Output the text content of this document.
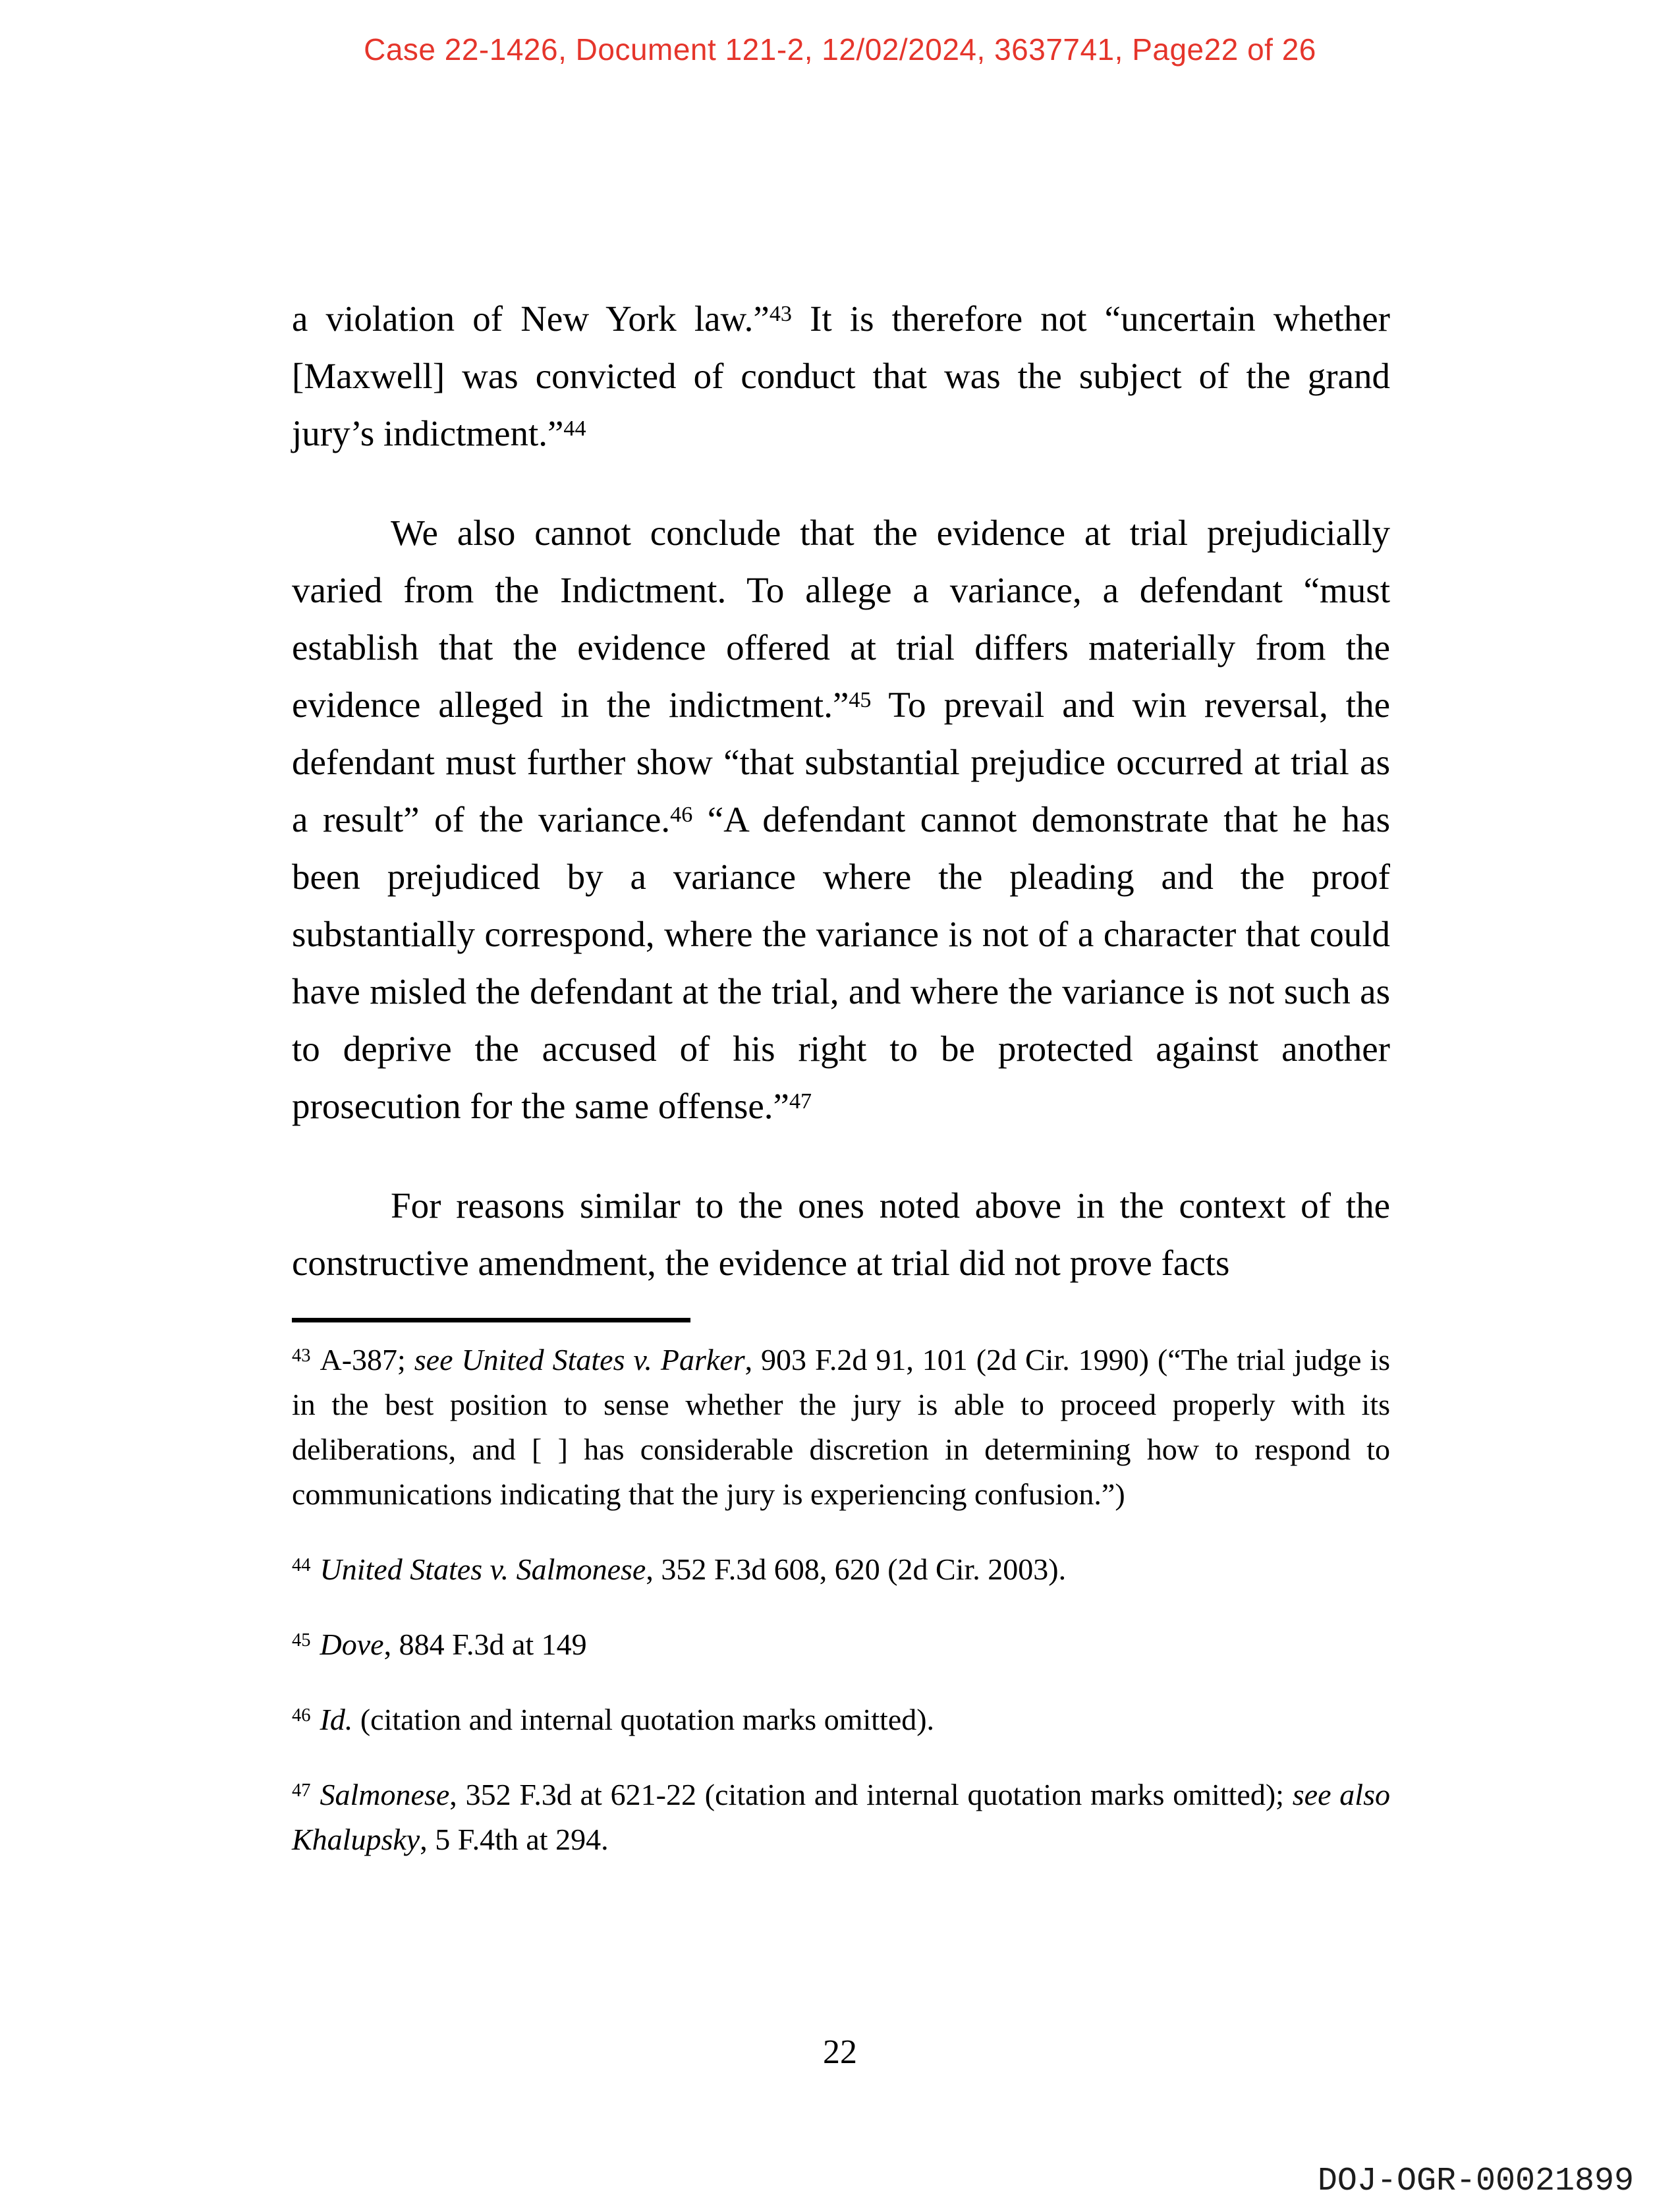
Case 22-1426, Document 121-2, 12/02/2024, 3637741, Page22 of 26

a violation of New York law.”$^{43}$ It is therefore not “uncertain whether [Maxwell] was convicted of conduct that was the subject of the grand jury’s indictment.”$^{44}$

We also cannot conclude that the evidence at trial prejudicially varied from the Indictment. To allege a variance, a defendant “must establish that the evidence offered at trial differs materially from the evidence alleged in the indictment.”$^{45}$ To prevail and win reversal, the defendant must further show “that substantial prejudice occurred at trial as a result” of the variance.$^{46}$ “A defendant cannot demonstrate that he has been prejudiced by a variance where the pleading and the proof substantially correspond, where the variance is not of a character that could have misled the defendant at the trial, and where the variance is not such as to deprive the accused of his right to be protected against another prosecution for the same offense.”$^{47}$

For reasons similar to the ones noted above in the context of the constructive amendment, the evidence at trial did not prove facts

$^{43}$ A-387; see United States v. Parker, 903 F.2d 91, 101 (2d Cir. 1990) (“The trial judge is in the best position to sense whether the jury is able to proceed properly with its deliberations, and [ ] has considerable discretion in determining how to respond to communications indicating that the jury is experiencing confusion.”)
$^{44}$ United States v. Salmonese, 352 F.3d 608, 620 (2d Cir. 2003).
$^{45}$ Dove, 884 F.3d at 149
$^{46}$ Id. (citation and internal quotation marks omitted).
$^{47}$ Salmonese, 352 F.3d at 621-22 (citation and internal quotation marks omitted); see also Khalupsky, 5 F.4th at 294.
22
DOJ-OGR-00021899
